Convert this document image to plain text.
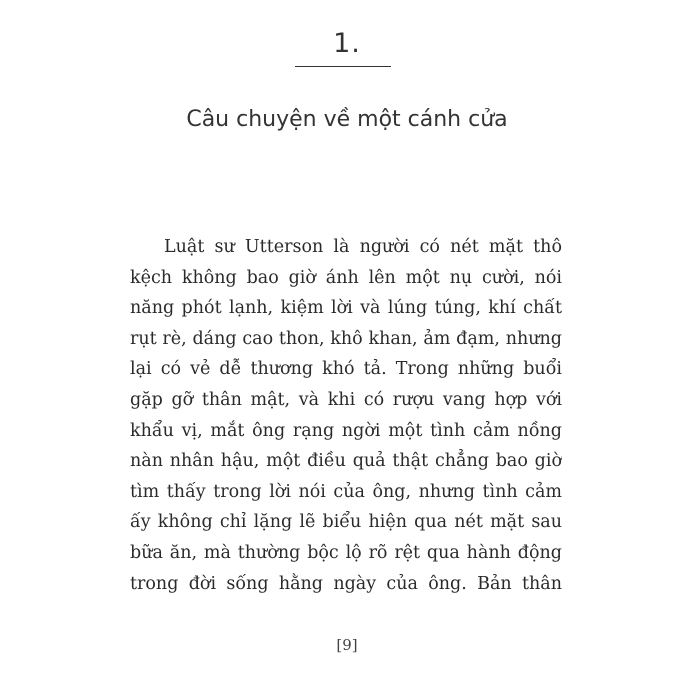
1.
Câu chuyện về một cánh cửa
Luật sư Utterson là người có nét mặt thô
kệch không bao giờ ánh lên một nụ cười, nói
năng phót lạnh, kiệm lời và lúng túng, khí chất
rụt rè, dáng cao thon, khô khan, ảm đạm, nhưng
lại có vẻ dễ thương khó tả. Trong những buổi
gặp gỡ thân mật, và khi có rượu vang hợp với
khẩu vị, mắt ông rạng ngời một tình cảm nồng
nàn nhân hậu, một điều quả thật chẳng bao giờ
tìm thấy trong lời nói của ông, nhưng tình cảm
ấy không chỉ lặng lẽ biểu hiện qua nét mặt sau
bữa ăn, mà thường bộc lộ rõ rệt qua hành động
trong đời sống hằng ngày của ông. Bản thân
[9]
